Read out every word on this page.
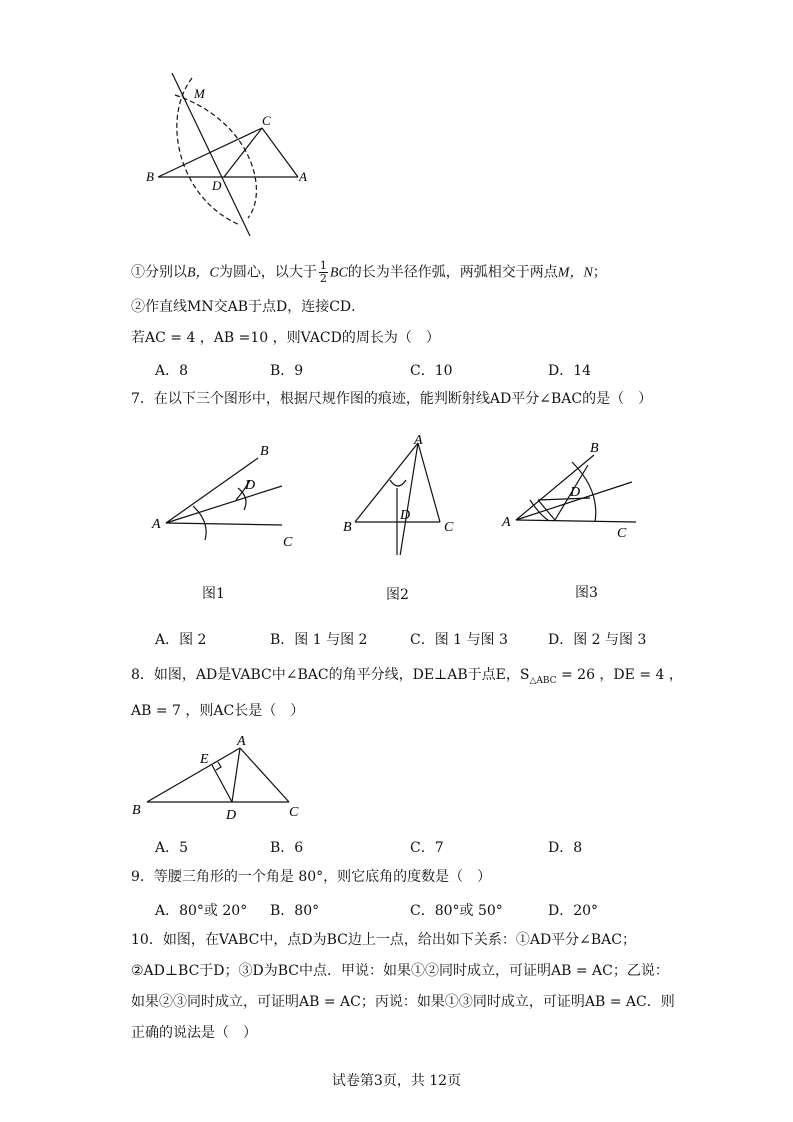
M
C
B	A
D
①分别以B，C为圆心，以大于 $\frac{1}{2}$ BC的长为半径作弧，两弧相交于两点M，N；
②作直线MN交AB于点D，连接CD．
若AC = 4 ，AB =10 ，则VACD的周长为（　）
A．8	B．9	C．10	D．14
7．在以下三个图形中，根据尺规作图的痕迹，能判断射线AD平分∠BAC的是（　）
B
D
A
C
A
B
D
C
B
D
A
C
图1	图2	图3
A．图 2	B．图 1 与图 2	C．图 1 与图 3	D．图 2 与图 3
8．如图，AD是VABC中∠BAC的角平分线，DE⊥AB于点E，$S_{\triangle ABC} = 26$ ，DE = 4 ，
AB = 7 ，则AC长是（　）
A
E
B	D	C
A．5	B．6	C．7	D．8
9．等腰三角形的一个角是 80°，则它底角的度数是（　）
A．80°或 20° B．80°	C．80°或 50°	D．20°
10．如图，在VABC中，点D为BC边上一点，给出如下关系：①AD平分∠BAC；
②AD⊥BC于D；③D为BC中点．甲说：如果①②同时成立，可证明AB = AC；乙说：
如果②③同时成立，可证明AB = AC；丙说：如果①③同时成立，可证明AB = AC．则
正确的说法是（　）
试卷第3页，共 12页
